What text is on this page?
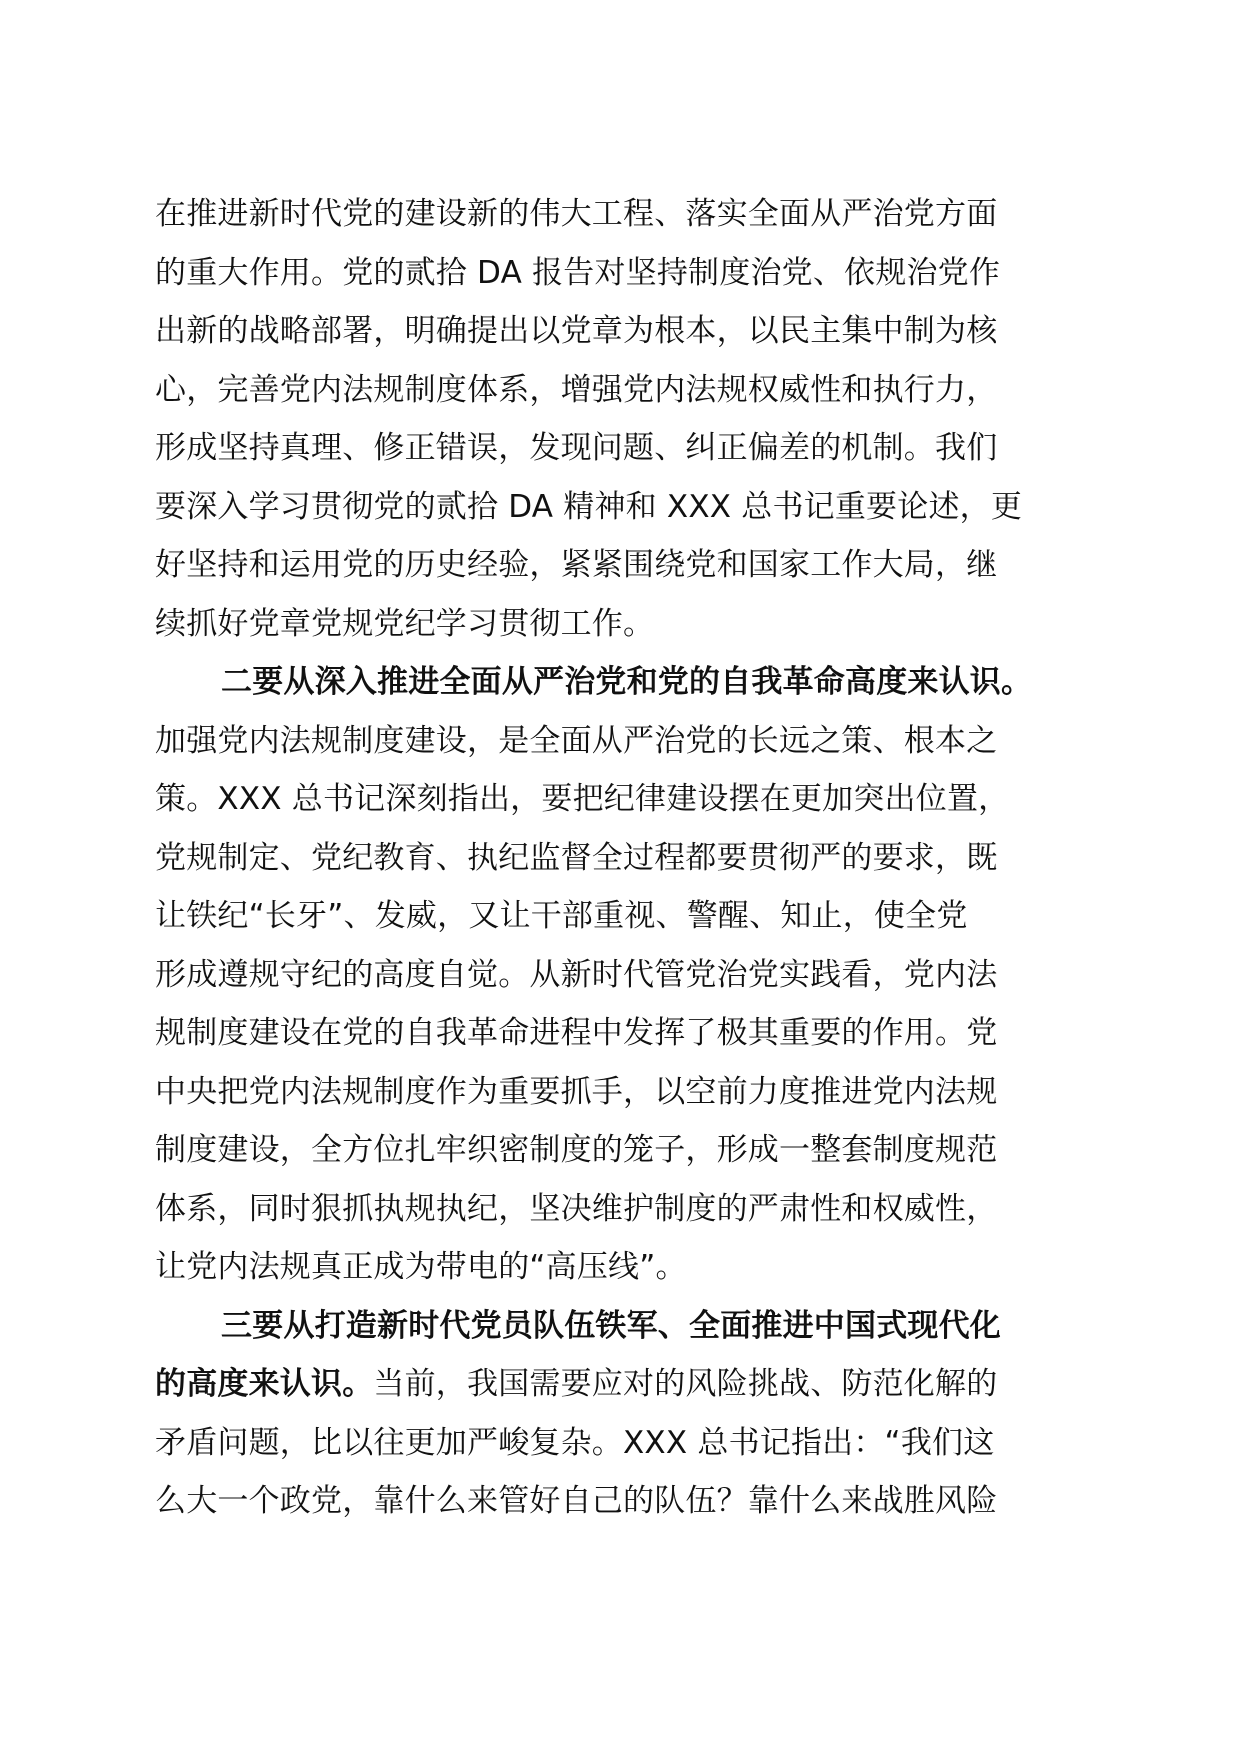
在推进新时代党的建设新的伟大工程、落实全面从严治党方面
的重大作用。党的贰拾 DA 报告对坚持制度治党、依规治党作
出新的战略部署，明确提出以党章为根本，以民主集中制为核
心，完善党内法规制度体系，增强党内法规权威性和执行力，
形成坚持真理、修正错误，发现问题、纠正偏差的机制。我们
要深入学习贯彻党的贰拾 DA 精神和 XXX 总书记重要论述，更
好坚持和运用党的历史经验，紧紧围绕党和国家工作大局，继
续抓好党章党规党纪学习贯彻工作。
二要从深入推进全面从严治党和党的自我革命高度来认识。
加强党内法规制度建设，是全面从严治党的长远之策、根本之
策。XXX 总书记深刻指出，要把纪律建设摆在更加突出位置，
党规制定、党纪教育、执纪监督全过程都要贯彻严的要求，既
让铁纪“长牙”、发威，又让干部重视、警醒、知止，使全党
形成遵规守纪的高度自觉。从新时代管党治党实践看，党内法
规制度建设在党的自我革命进程中发挥了极其重要的作用。党
中央把党内法规制度作为重要抓手，以空前力度推进党内法规
制度建设，全方位扎牢织密制度的笼子，形成一整套制度规范
体系，同时狠抓执规执纪，坚决维护制度的严肃性和权威性，
让党内法规真正成为带电的“高压线”。
三要从打造新时代党员队伍铁军、全面推进中国式现代化
的高度来认识。当前，我国需要应对的风险挑战、防范化解的
矛盾问题，比以往更加严峻复杂。XXX 总书记指出：“我们这
么大一个政党，靠什么来管好自己的队伍？靠什么来战胜风险
